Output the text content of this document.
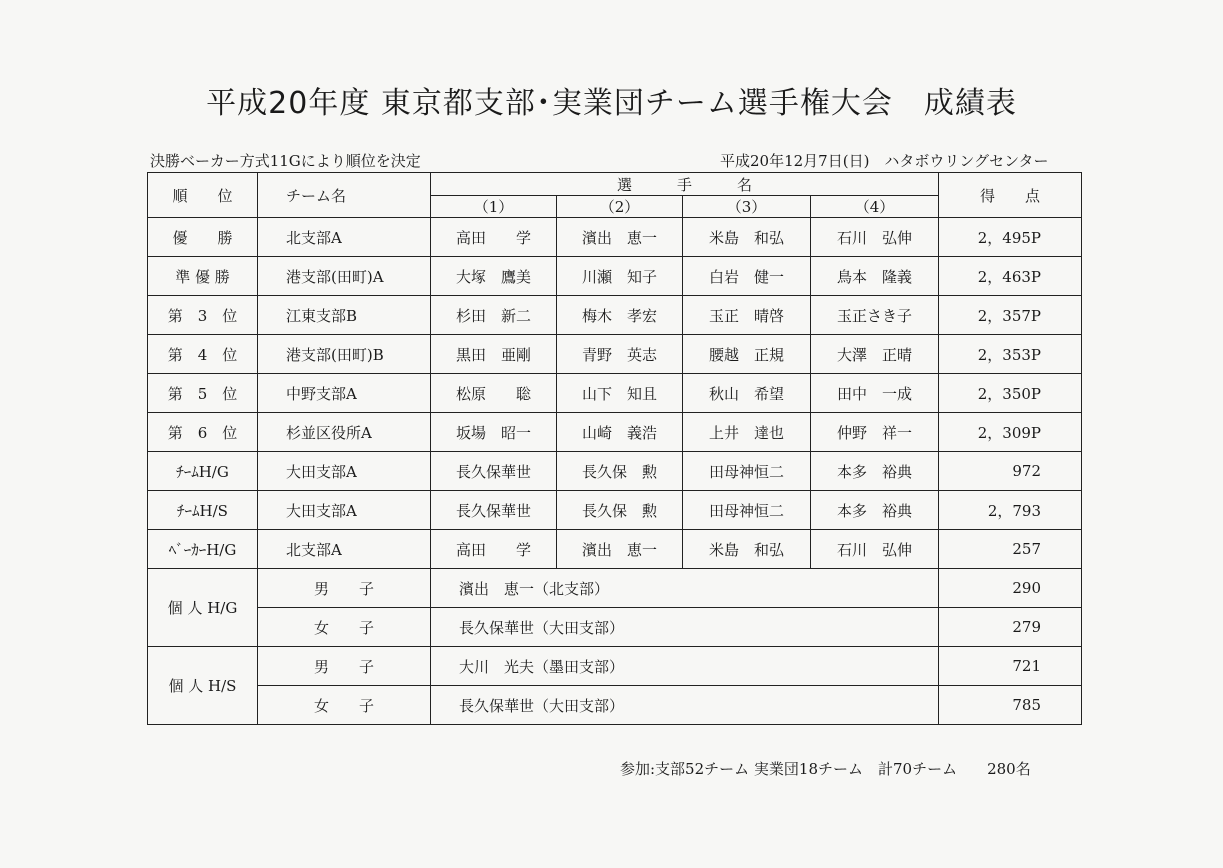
平成20年度 東京都支部･実業団チーム選手権大会　成績表
決勝ベーカー方式11Gにより順位を決定	平成20年12月7日(日)　ハタボウリングセンター
順　　位	チーム名	選　　　手　　　名				得　　点
		（1）	（2）	（3）	（4）	
優　　勝	北支部A	高田　　学	濱出　恵一	米島　和弘	石川　弘伸	2，495P
準 優 勝	港支部(田町)A	大塚　鷹美	川瀬　知子	白岩　健一	鳥本　隆義	2，463P
第　3　位	江東支部B	杉田　新二	梅木　孝宏	玉正　晴啓	玉正さき子	2，357P
第　4　位	港支部(田町)B	黒田　亜剛	青野　英志	腰越　正規	大澤　正晴	2，353P
第　5　位	中野支部A	松原　　聡	山下　知且	秋山　希望	田中　一成	2，350P
第　6　位	杉並区役所A	坂場　昭一	山崎　義浩	上井　達也	仲野　祥一	2，309P
ﾁｰﾑH/G	大田支部A	長久保華世	長久保　勲	田母神恒二	本多　裕典	972
ﾁｰﾑH/S	大田支部A	長久保華世	長久保　勲	田母神恒二	本多　裕典	2，793
ﾍﾞｰｶｰH/G	北支部A	高田　　学	濱出　恵一	米島　和弘	石川　弘伸	257
個 人 H/G	男　　子	濱出　恵一（北支部）				290
	女　　子	長久保華世（大田支部）				279
個 人 H/S	男　　子	大川　光夫（墨田支部）				721
	女　　子	長久保華世（大田支部）				785
参加:支部52チーム 実業団18チーム　計70チーム　　280名
